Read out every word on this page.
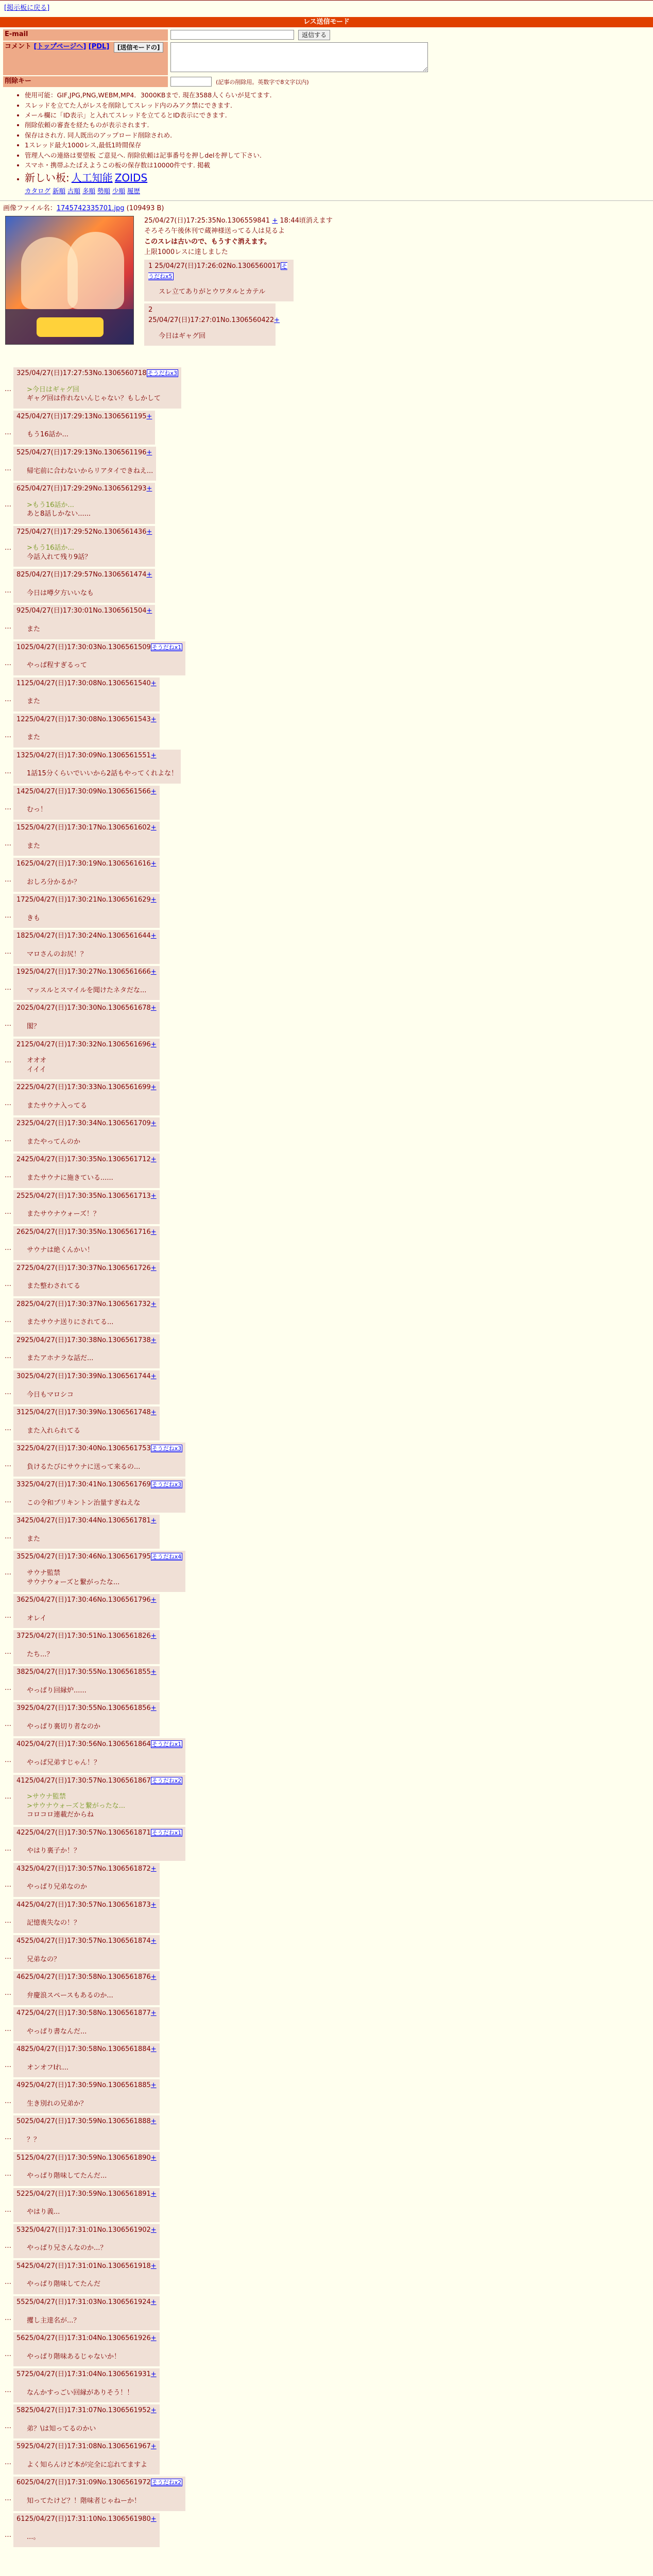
[掲示板に戻る]
レス送信モード
E-mail	返信する
コメント [トップページへ] [PDL] [送信モードの]	
削除キー	(記事の削除用。英数字で8文字以内)
• 使用可能：GIF,JPG,PNG,WEBM,MP4．3000KBまで. 現在3588人くらいが見てます.
• スレッドを立てた人がレスを削除してスレッド内のみアク禁にできます.
• メール欄に「ID表示」と入れてスレッドを立てるとID表示にできます.
• 削除依頼の審査を経たものが表示されます.
• 保存はされ方. 同人既出のアップロード削除されめ.
• 1スレッド最大1000レス,最低1時間保存
• 管理人への連絡は要望板 ご意見へ. 削除依頼は記事番号を押しdelを押して下さい.
• スマホ・携帯ふたばえようこの板の保存数は10000件です. 掲載
• 新しい板: 人工知能 ZOIDS
カタログ 新順 古順 多順 勢順 少順 履歴
画像ファイル名：1745742335701.jpg (109493 B)
25/04/27(日)17:25:35No.1306559841 + 18:44頃消えます
そろそろ午後休刊で蔵神様送ってる人は見るよ
このスレは古いので、もうすぐ消えます。
上限1000レスに達しました
1 25/04/27(日)17:26:02No.1306560017 そうだねx5
スレ立てありがとウワタルとカテル
2 25/04/27(日)17:27:01No.1306560422+
今日はギャグ回
…
325/04/27(日)17:27:53No.1306560718 そうだねx3
>今日はギャグ回
ギャグ回は作れないんじゃない？もしかして
…
425/04/27(日)17:29:13No.1306561195+
もう16話か...
…
525/04/27(日)17:29:13No.1306561196+
帰宅前に合わないからリアタイできねえ...
…
625/04/27(日)17:29:29No.1306561293+
>もう16話か...
あと8話しかない......
…
725/04/27(日)17:29:52No.1306561436+
>もう16話か...
今話入れて残り9話？
…
825/04/27(日)17:29:57No.1306561474+
今日は噂夕方いいなも
…
925/04/27(日)17:30:01No.1306561504+
また
…
1025/04/27(日)17:30:03No.1306561509 そうだねx1
やっぱ程すぎるって
…
1125/04/27(日)17:30:08No.1306561540+
また
…
1225/04/27(日)17:30:08No.1306561543+
また
…
1325/04/27(日)17:30:09No.1306561551+
1話15分くらいでいいから2話もやってくれよな！
…
1425/04/27(日)17:30:09No.1306561566+
むっ！
…
1525/04/27(日)17:30:17No.1306561602+
また
…
1625/04/27(日)17:30:19No.1306561616+
おしろ分かるか？
…
1725/04/27(日)17:30:21No.1306561629+
きも
…
1825/04/27(日)17:30:24No.1306561644+
マロさんのお尻！？
…
1925/04/27(日)17:30:27No.1306561666+
マッスルとスマイルを聞けたネタだな...
…
2025/04/27(日)17:30:30No.1306561678+
閣？
…
2125/04/27(日)17:30:32No.1306561696+
オオオ
イイイ
…
2225/04/27(日)17:30:33No.1306561699+
またサウナ入ってる
…
2325/04/27(日)17:30:34No.1306561709+
またやってんのか
…
2425/04/27(日)17:30:35No.1306561712+
またサウナに施きている......
…
2525/04/27(日)17:30:35No.1306561713+
またサウナウォーズ！？
…
2625/04/27(日)17:30:35No.1306561716+
サウナは絶くんかい！
…
2725/04/27(日)17:30:37No.1306561726+
また整わされてる
…
2825/04/27(日)17:30:37No.1306561732+
またサウナ送りにされてる...
…
2925/04/27(日)17:30:38No.1306561738+
またアホナラな話だ...
…
3025/04/27(日)17:30:39No.1306561744+
今日もマロシコ
…
3125/04/27(日)17:30:39No.1306561748+
また入れられてる
…
3225/04/27(日)17:30:40No.1306561753 そうだねx3
負けるたびにサウナに送って来るの...
…
3325/04/27(日)17:30:41No.1306561769 そうだねx3
この令和プリキントン治量すぎねえな
…
3425/04/27(日)17:30:44No.1306561781+
また
…
3525/04/27(日)17:30:46No.1306561795 そうだねx4
サウナ監禁
サウナウォーズと繋がったな...
…
3625/04/27(日)17:30:46No.1306561796+
オレイ
…
3725/04/27(日)17:30:51No.1306561826+
たち...？
…
3825/04/27(日)17:30:55No.1306561855+
やっぱり回縁炉......
…
3925/04/27(日)17:30:55No.1306561856+
やっぱり裏切り者なのか
…
4025/04/27(日)17:30:56No.1306561864 そうだねx1
やっぱ兄弟すじゃん！？
…
4125/04/27(日)17:30:57No.1306561867 そうだねx2
>サウナ監禁
>サウナウォーズと繋がったな...
コロコロ連載だからね
…
4225/04/27(日)17:30:57No.1306561871 そうだねx1
やはり裏子か！？
…
4325/04/27(日)17:30:57No.1306561872+
やっぱり兄弟なのか
…
4425/04/27(日)17:30:57No.1306561873+
記憶喪失なの！？
…
4525/04/27(日)17:30:57No.1306561874+
兄弟なの？
…
4625/04/27(日)17:30:58No.1306561876+
弁慶浪スペースもあるのか...
…
4725/04/27(日)17:30:58No.1306561877+
やっぱり書なんだ...
…
4825/04/27(日)17:30:58No.1306561884+
オンオフIれ...
…
4925/04/27(日)17:30:59No.1306561885+
生き別れの兄弟か？
…
5025/04/27(日)17:30:59No.1306561888+
？？
…
5125/04/27(日)17:30:59No.1306561890+
やっぱり階味してたんだ...
…
5225/04/27(日)17:30:59No.1306561891+
やはり義...
…
5325/04/27(日)17:31:01No.1306561902+
やっぱり兄さんなのか...？
…
5425/04/27(日)17:31:01No.1306561918+
やっぱり階味してたんだ
…
5525/04/27(日)17:31:03No.1306561924+
攫し主達名が...？
…
5625/04/27(日)17:31:04No.1306561926+
やっぱり階味あるじゃないか！
…
5725/04/27(日)17:31:04No.1306561931+
なんかすっごい回縁がありそう！！
…
5825/04/27(日)17:31:07No.1306561952+
弟？\は知ってるのかい
…
5925/04/27(日)17:31:08No.1306561967+
よく知らんけど本が完全に忘れてますよ
…
6025/04/27(日)17:31:09No.1306561972 そうだねx2
知ってたけど？！階味者じゃねーか！
…
6125/04/27(日)17:31:10No.1306561980+
...。
